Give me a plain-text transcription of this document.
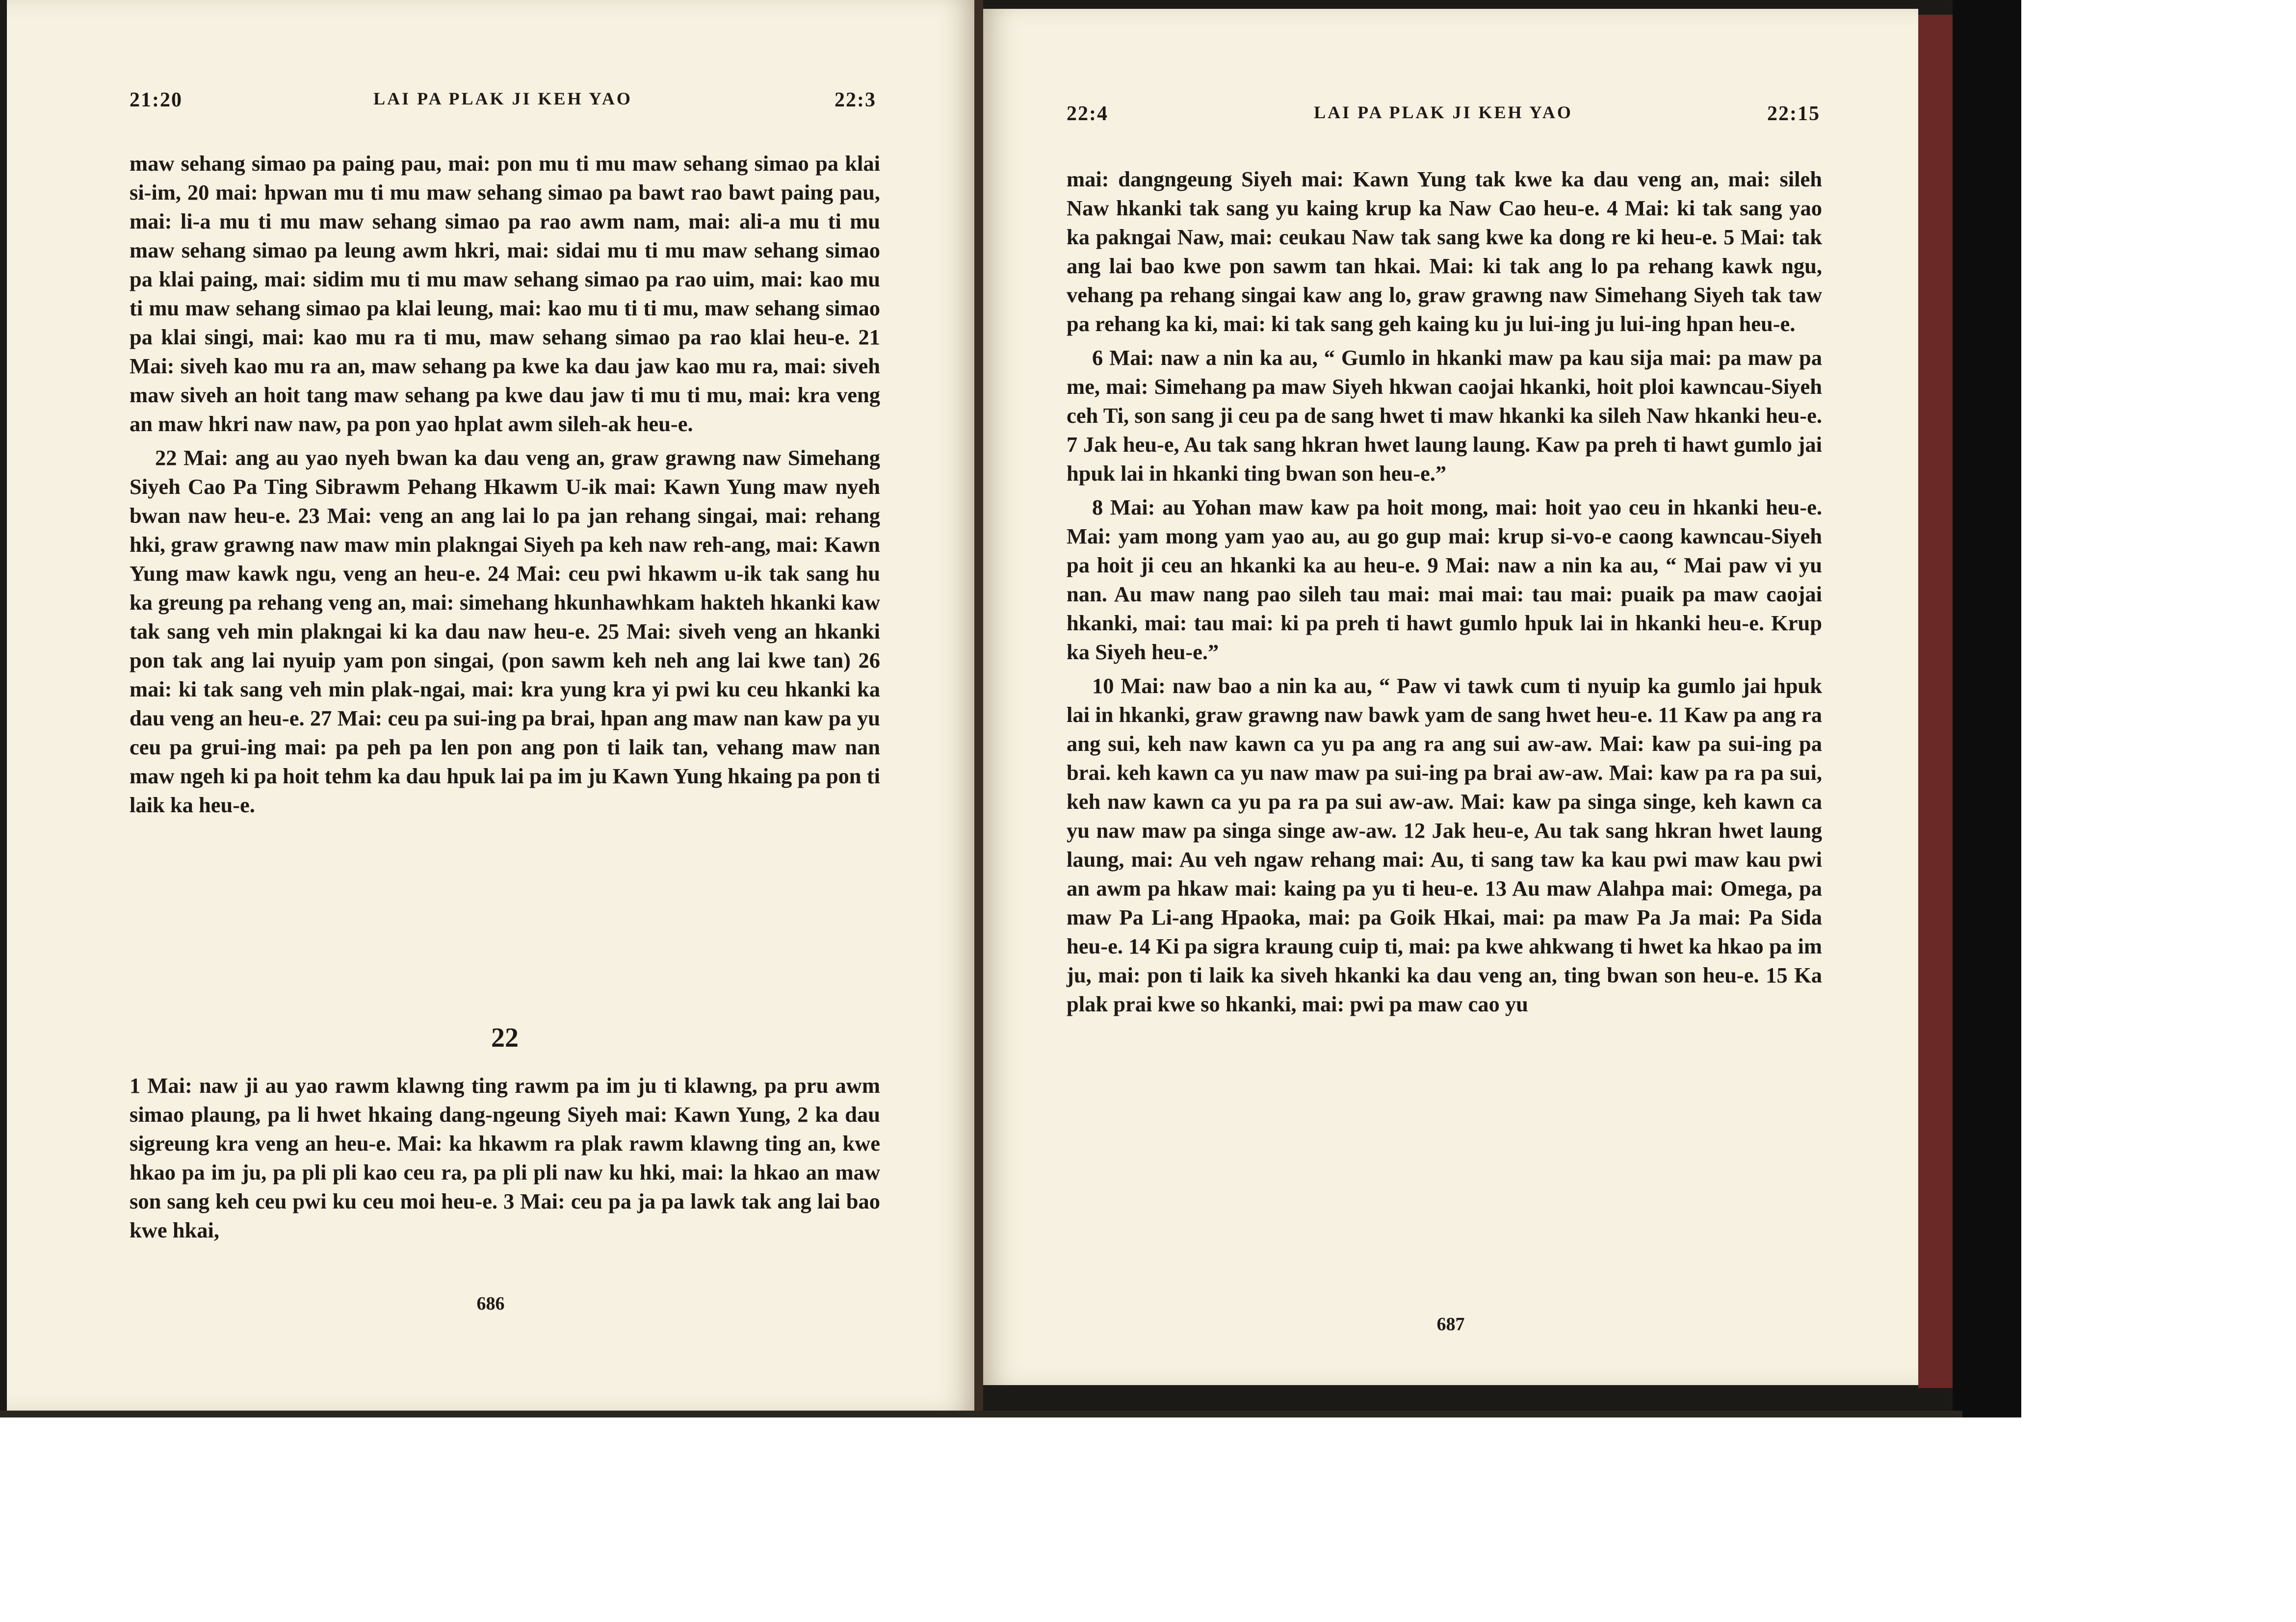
21:20	LAI PA PLAK JI KEH YAO	22:3

maw sehang simao pa paing pau, mai: pon mu ti mu maw sehang simao pa klai si-im, 20 mai: hpwan mu ti mu maw sehang simao pa bawt rao bawt paing pau, mai: li-a mu ti mu maw sehang simao pa rao awm nam, mai: ali-a mu ti mu maw sehang simao pa leung awm hkri, mai: sidai mu ti mu maw sehang simao pa klai paing, mai: sidim mu ti mu maw sehang simao pa rao uim, mai: kao mu ti mu maw sehang simao pa klai leung, mai: kao mu ti ti mu, maw sehang simao pa klai singi, mai: kao mu ra ti mu, maw sehang simao pa rao klai heu-e. 21 Mai: siveh kao mu ra an, maw sehang pa kwe ka dau jaw kao mu ra, mai: siveh maw siveh an hoit tang maw sehang pa kwe dau jaw ti mu ti mu, mai: kra veng an maw hkri naw naw, pa pon yao hplat awm sileh-ak heu-e.

22 Mai: ang au yao nyeh bwan ka dau veng an, graw grawng naw Simehang Siyeh Cao Pa Ting Sibrawm Pehang Hkawm U-ik mai: Kawn Yung maw nyeh bwan naw heu-e. 23 Mai: veng an ang lai lo pa jan rehang singai, mai: rehang hki, graw grawng naw maw min plakngai Siyeh pa keh naw reh-ang, mai: Kawn Yung maw kawk ngu, veng an heu-e. 24 Mai: ceu pwi hkawm u-ik tak sang hu ka greung pa rehang veng an, mai: simehang hkunhawhkam hakteh hkanki kaw tak sang veh min plakngai ki ka dau naw heu-e. 25 Mai: siveh veng an hkanki pon tak ang lai nyuip yam pon singai, (pon sawm keh neh ang lai kwe tan) 26 mai: ki tak sang veh min plak-ngai, mai: kra yung kra yi pwi ku ceu hkanki ka dau veng an heu-e. 27 Mai: ceu pa sui-ing pa brai, hpan ang maw nan kaw pa yu ceu pa grui-ing mai: pa peh pa len pon ang pon ti laik tan, vehang maw nan maw ngeh ki pa hoit tehm ka dau hpuk lai pa im ju Kawn Yung hkaing pa pon ti laik ka heu-e.

22

1 Mai: naw ji au yao rawm klawng ting rawm pa im ju ti klawng, pa pru awm simao plaung, pa li hwet hkaing dang-ngeung Siyeh mai: Kawn Yung, 2 ka dau sigreung kra veng an heu-e. Mai: ka hkawm ra plak rawm klawng ting an, kwe hkao pa im ju, pa pli pli kao ceu ra, pa pli pli naw ku hki, mai: la hkao an maw son sang keh ceu pwi ku ceu moi heu-e. 3 Mai: ceu pa ja pa lawk tak ang lai bao kwe hkai,

686
22:4	LAI PA PLAK JI KEH YAO	22:15

mai: dangngeung Siyeh mai: Kawn Yung tak kwe ka dau veng an, mai: sileh Naw hkanki tak sang yu kaing krup ka Naw Cao heu-e. 4 Mai: ki tak sang yao ka pakngai Naw, mai: ceukau Naw tak sang kwe ka dong re ki heu-e. 5 Mai: tak ang lai bao kwe pon sawm tan hkai. Mai: ki tak ang lo pa rehang kawk ngu, vehang pa rehang singai kaw ang lo, graw grawng naw Simehang Siyeh tak taw pa rehang ka ki, mai: ki tak sang geh kaing ku ju lui-ing ju lui-ing hpan heu-e.

6 Mai: naw a nin ka au, “ Gumlo in hkanki maw pa kau sija mai: pa maw pa me, mai: Simehang pa maw Siyeh hkwan caojai hkanki, hoit ploi kawncau-Siyeh ceh Ti, son sang ji ceu pa de sang hwet ti maw hkanki ka sileh Naw hkanki heu-e. 7 Jak heu-e, Au tak sang hkran hwet laung laung. Kaw pa preh ti hawt gumlo jai hpuk lai in hkanki ting bwan son heu-e.”

8 Mai: au Yohan maw kaw pa hoit mong, mai: hoit yao ceu in hkanki heu-e. Mai: yam mong yam yao au, au go gup mai: krup si-vo-e caong kawncau-Siyeh pa hoit ji ceu an hkanki ka au heu-e. 9 Mai: naw a nin ka au, “ Mai paw vi yu nan. Au maw nang pao sileh tau mai: mai mai: tau mai: puaik pa maw caojai hkanki, mai: tau mai: ki pa preh ti hawt gumlo hpuk lai in hkanki heu-e. Krup ka Siyeh heu-e.”

10 Mai: naw bao a nin ka au, “ Paw vi tawk cum ti nyuip ka gumlo jai hpuk lai in hkanki, graw grawng naw bawk yam de sang hwet heu-e. 11 Kaw pa ang ra ang sui, keh naw kawn ca yu pa ang ra ang sui aw-aw. Mai: kaw pa sui-ing pa brai. keh kawn ca yu naw maw pa sui-ing pa brai aw-aw. Mai: kaw pa ra pa sui, keh naw kawn ca yu pa ra pa sui aw-aw. Mai: kaw pa singa singe, keh kawn ca yu naw maw pa singa singe aw-aw. 12 Jak heu-e, Au tak sang hkran hwet laung laung, mai: Au veh ngaw rehang mai: Au, ti sang taw ka kau pwi maw kau pwi an awm pa hkaw mai: kaing pa yu ti heu-e. 13 Au maw Alahpa mai: Omega, pa maw Pa Li-ang Hpaoka, mai: pa Goik Hkai, mai: pa maw Pa Ja mai: Pa Sida heu-e. 14 Ki pa sigra kraung cuip ti, mai: pa kwe ahkwang ti hwet ka hkao pa im ju, mai: pon ti laik ka siveh hkanki ka dau veng an, ting bwan son heu-e. 15 Ka plak prai kwe so hkanki, mai: pwi pa maw cao yu

687
